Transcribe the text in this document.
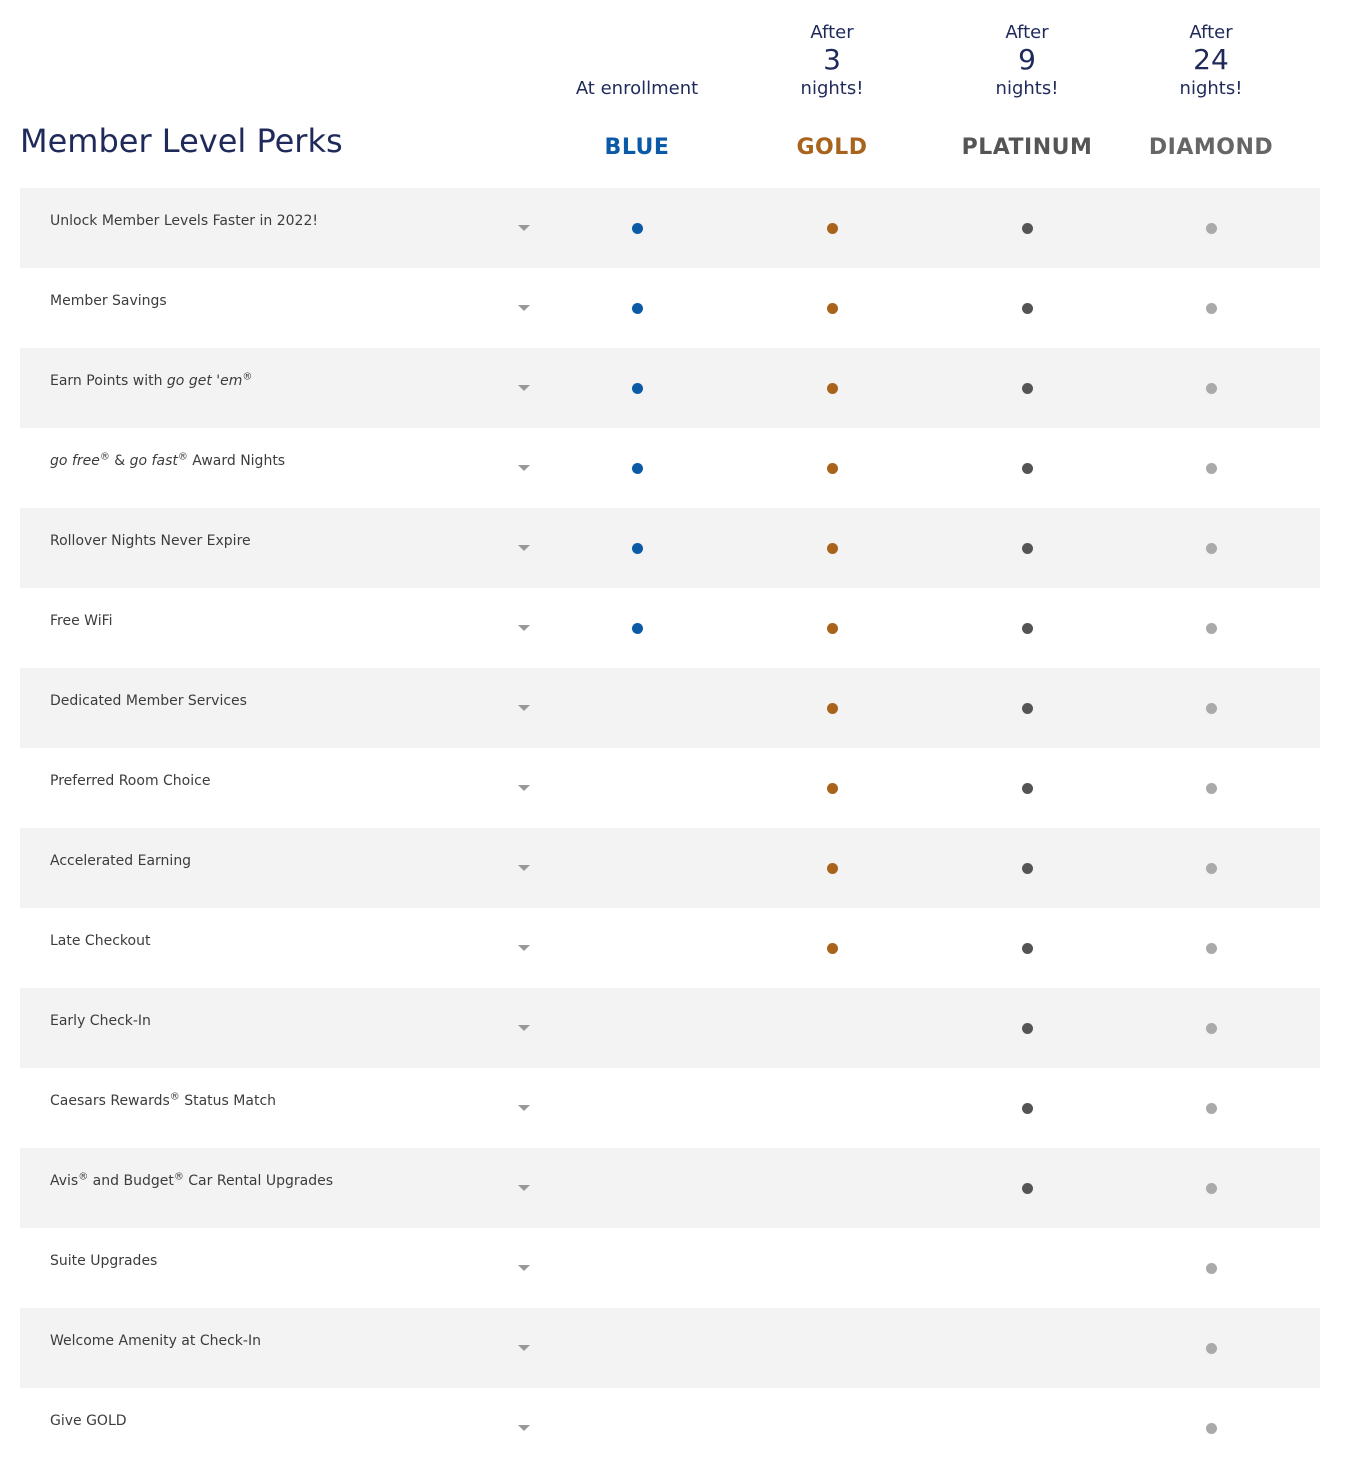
Member Level Perks
At enrollment
BLUE
After
3
nights!
GOLD
After
9
nights!
PLATINUM
After
24
nights!
DIAMOND
Unlock Member Levels Faster in 2022!
Member Savings
Earn Points with go get 'em®
go free® & go fast® Award Nights
Rollover Nights Never Expire
Free WiFi
Dedicated Member Services
Preferred Room Choice
Accelerated Earning
Late Checkout
Early Check-In
Caesars Rewards® Status Match
Avis® and Budget® Car Rental Upgrades
Suite Upgrades
Welcome Amenity at Check-In
Give GOLD
